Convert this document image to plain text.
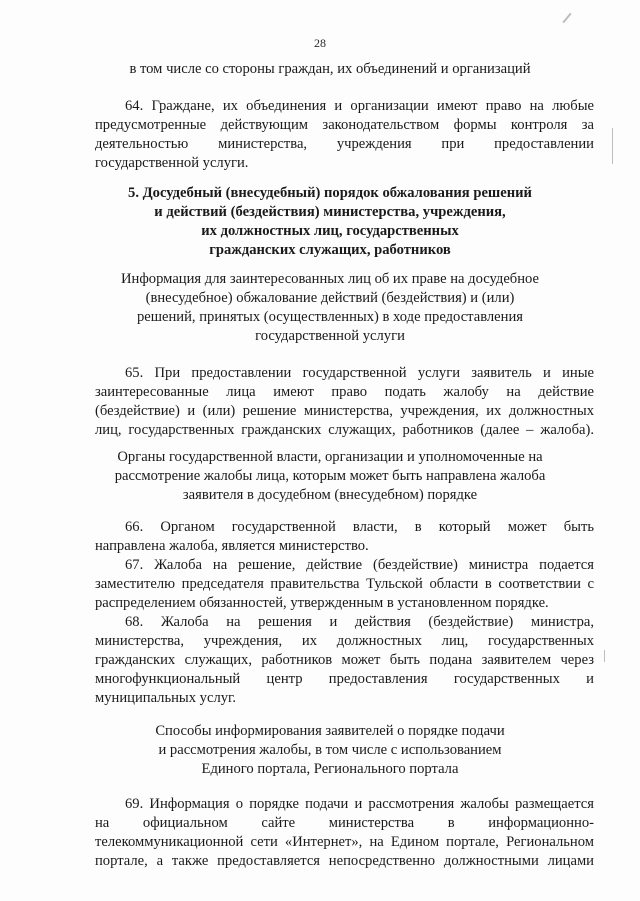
28
в том числе со стороны граждан, их объединений и организаций
64. Граждане, их объединения и организации имеют право на любые
предусмотренные действующим законодательством формы контроля за
деятельностью министерства, учреждения при предоставлении
государственной услуги.
5. Досудебный (внесудебный) порядок обжалования решений
и действий (бездействия) министерства, учреждения,
их должностных лиц, государственных
гражданских служащих, работников
Информация для заинтересованных лиц об их праве на досудебное
(внесудебное) обжалование действий (бездействия) и (или)
решений, принятых (осуществленных) в ходе предоставления
государственной услуги
65. При предоставлении государственной услуги заявитель и иные
заинтересованные лица имеют право подать жалобу на действие
(бездействие) и (или) решение министерства, учреждения, их должностных
лиц, государственных гражданских служащих, работников (далее – жалоба).
Органы государственной власти, организации и уполномоченные на
рассмотрение жалобы лица, которым может быть направлена жалоба
заявителя в досудебном (внесудебном) порядке
66. Органом государственной власти, в который может быть
направлена жалоба, является министерство.
67. Жалоба на решение, действие (бездействие) министра подается
заместителю председателя правительства Тульской области в соответствии с
распределением обязанностей, утвержденным в установленном порядке.
68. Жалоба на решения и действия (бездействие) министра,
министерства, учреждения, их должностных лиц, государственных
гражданских служащих, работников может быть подана заявителем через
многофункциональный центр предоставления государственных и
муниципальных услуг.
Способы информирования заявителей о порядке подачи
и рассмотрения жалобы, в том числе с использованием
Единого портала, Регионального портала
69. Информация о порядке подачи и рассмотрения жалобы размещается
на официальном сайте министерства в информационно-
телекоммуникационной сети «Интернет», на Едином портале, Региональном
портале, а также предоставляется непосредственно должностными лицами
